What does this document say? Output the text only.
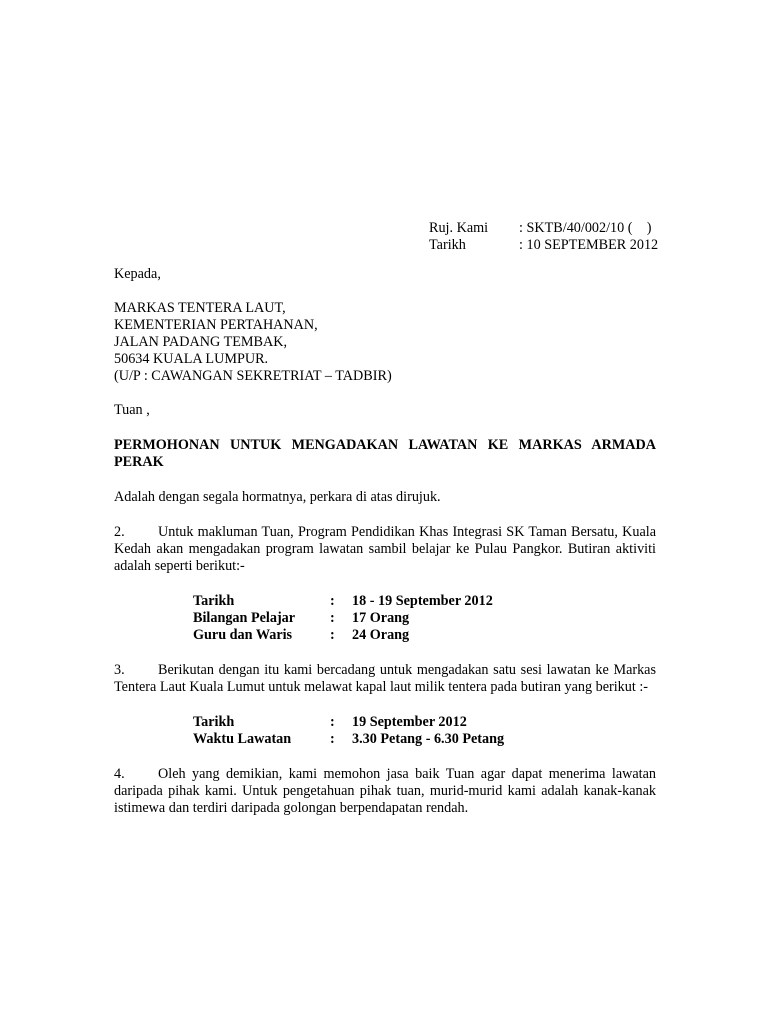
Ruj. Kami	: SKTB/40/002/10 (    )
Tarikh	: 10 SEPTEMBER 2012

Kepada,

MARKAS TENTERA LAUT,
KEMENTERIAN PERTAHANAN,
JALAN PADANG TEMBAK,
50634 KUALA LUMPUR.
(U/P : CAWANGAN SEKRETRIAT – TADBIR)

Tuan ,

PERMOHONAN UNTUK MENGADAKAN LAWATAN KE MARKAS ARMADA PERAK

Adalah dengan segala hormatnya, perkara di atas dirujuk.

2. Untuk makluman Tuan, Program Pendidikan Khas Integrasi SK Taman Bersatu, Kuala Kedah akan mengadakan program lawatan sambil belajar ke Pulau Pangkor. Butiran aktiviti adalah seperti berikut:-

Tarikh	:	18 - 19 September 2012
Bilangan Pelajar	:	17 Orang
Guru dan Waris	:	24 Orang

3. Berikutan dengan itu kami bercadang untuk mengadakan satu sesi lawatan ke Markas Tentera Laut Kuala Lumut untuk melawat kapal laut milik tentera pada butiran yang berikut :-

Tarikh	:	19 September 2012
Waktu Lawatan	:	3.30 Petang - 6.30 Petang

4. Oleh yang demikian, kami memohon jasa baik Tuan agar dapat menerima lawatan daripada pihak kami. Untuk pengetahuan pihak tuan, murid-murid kami adalah kanak-kanak istimewa dan terdiri daripada golongan berpendapatan rendah.
